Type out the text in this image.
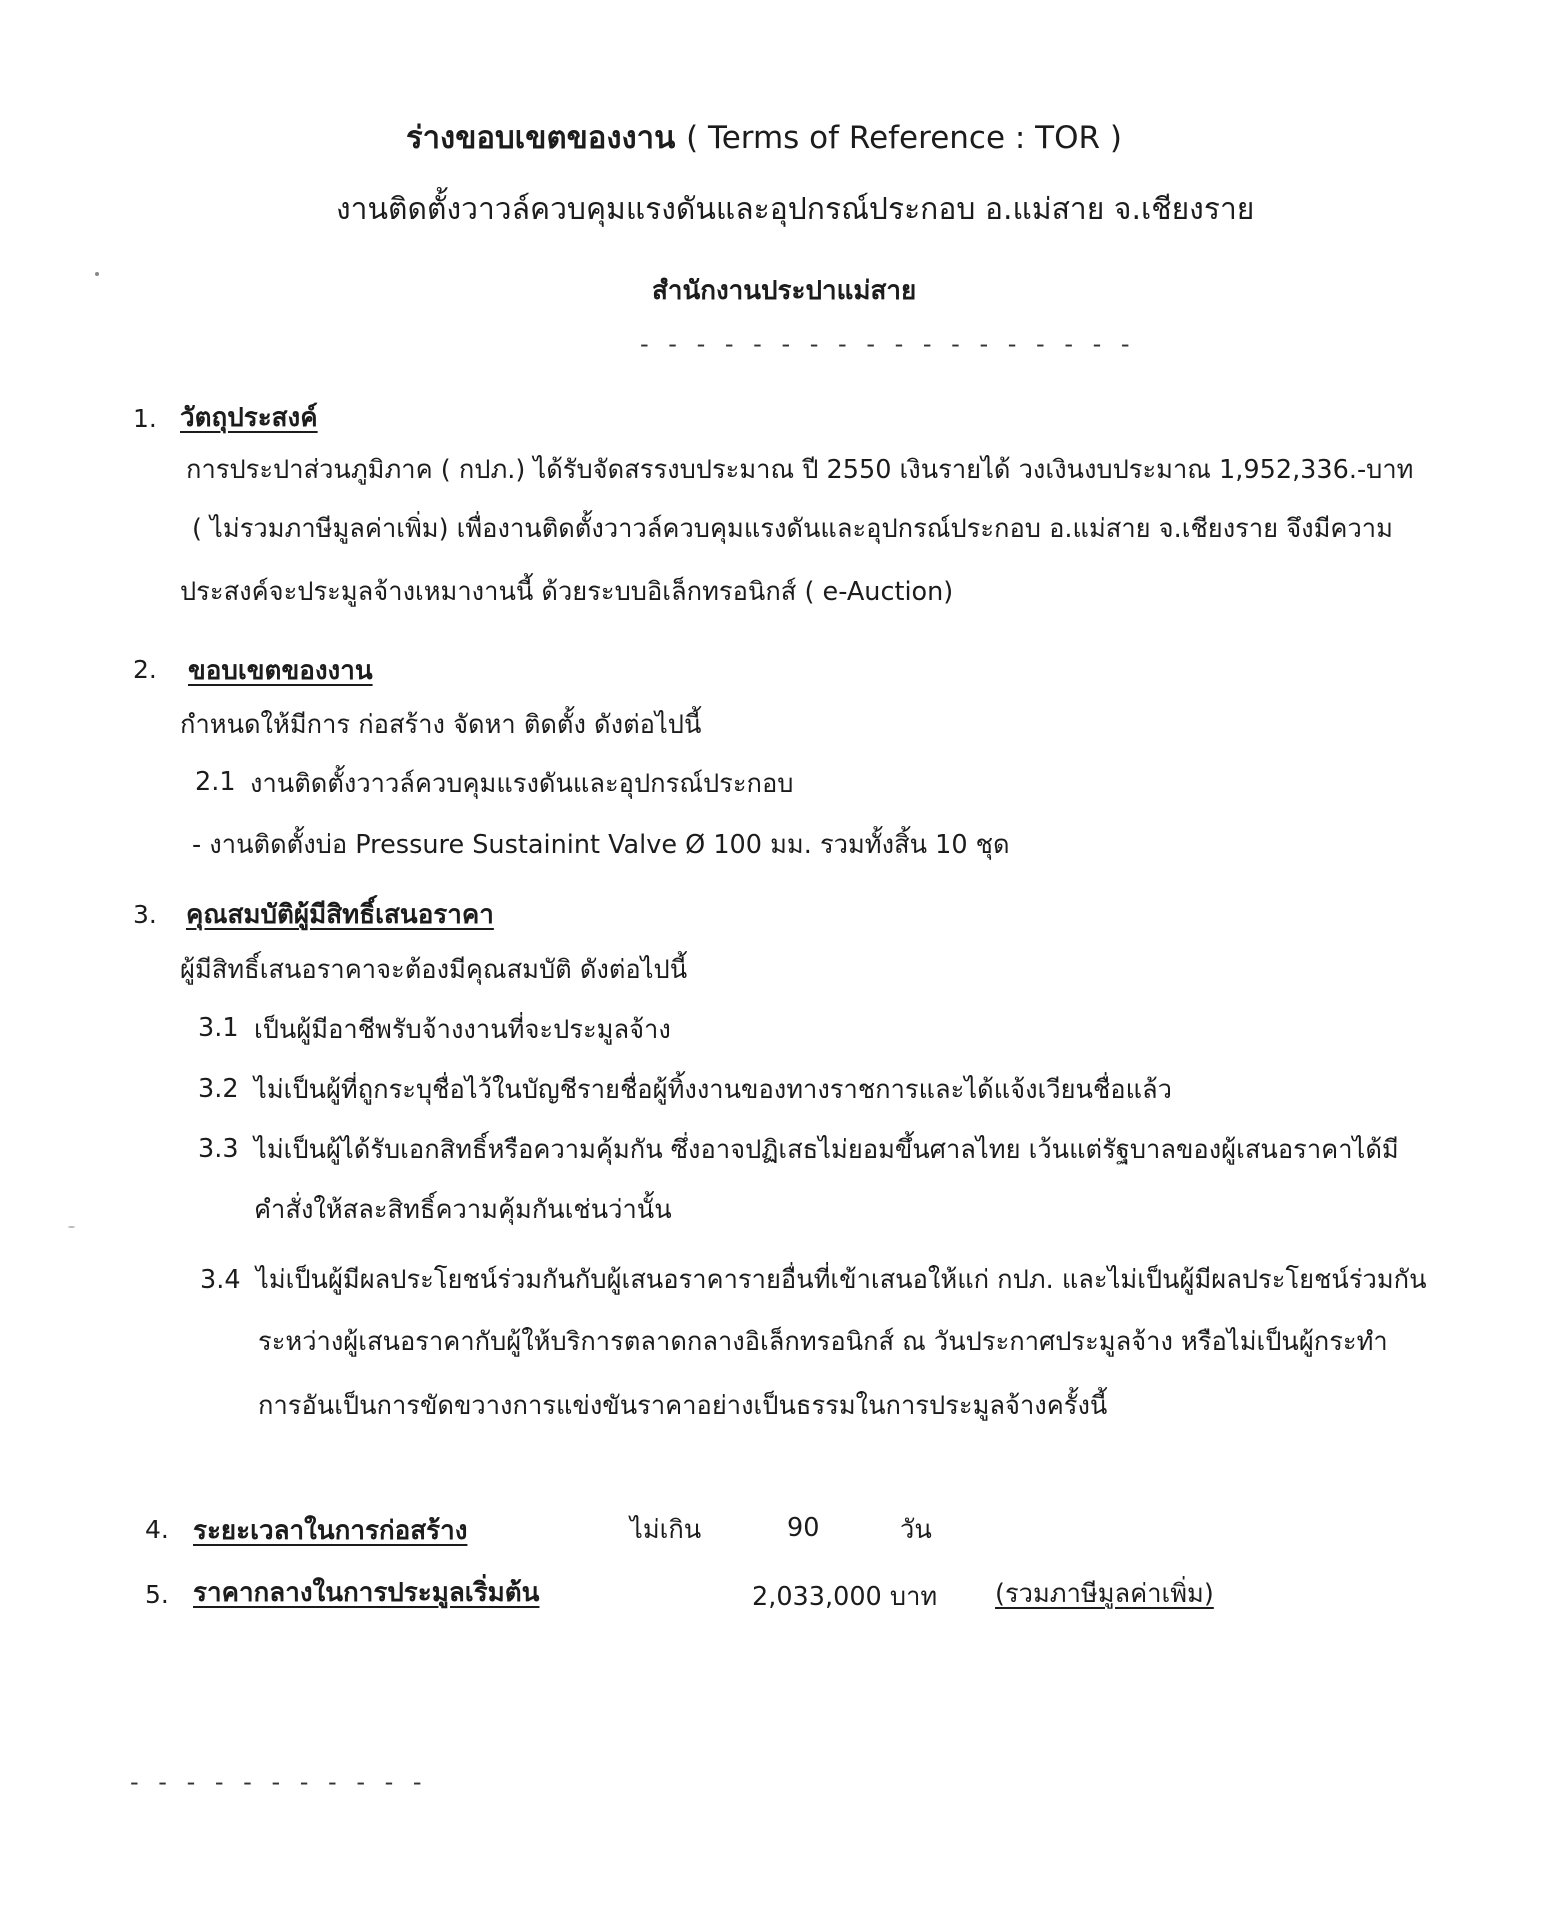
ร่างขอบเขตของงาน ( Terms of Reference : TOR )
งานติดตั้งวาวล์ควบคุมแรงดันและอุปกรณ์ประกอบ อ.แม่สาย จ.เชียงราย
สำนักงานประปาแม่สาย
- - - - - - - - - - - - - - - - - -
1. วัตถุประสงค์
การประปาส่วนภูมิภาค ( กปภ.) ได้รับจัดสรรงบประมาณ ปี 2550 เงินรายได้ วงเงินงบประมาณ 1,952,336.-บาท
( ไม่รวมภาษีมูลค่าเพิ่ม) เพื่องานติดตั้งวาวล์ควบคุมแรงดันและอุปกรณ์ประกอบ อ.แม่สาย จ.เชียงราย จึงมีความ
ประสงค์จะประมูลจ้างเหมางานนี้ ด้วยระบบอิเล็กทรอนิกส์ ( e-Auction)
2. ขอบเขตของงาน
กำหนดให้มีการ ก่อสร้าง จัดหา ติดตั้ง ดังต่อไปนี้
2.1 งานติดตั้งวาวล์ควบคุมแรงดันและอุปกรณ์ประกอบ
- งานติดตั้งบ่อ Pressure Sustainint Valve Ø 100 มม. รวมทั้งสิ้น 10 ชุด
3. คุณสมบัติผู้มีสิทธิ์เสนอราคา
ผู้มีสิทธิ์เสนอราคาจะต้องมีคุณสมบัติ ดังต่อไปนี้
3.1 เป็นผู้มีอาชีพรับจ้างงานที่จะประมูลจ้าง
3.2 ไม่เป็นผู้ที่ถูกระบุชื่อไว้ในบัญชีรายชื่อผู้ทิ้งงานของทางราชการและได้แจ้งเวียนชื่อแล้ว
3.3 ไม่เป็นผู้ได้รับเอกสิทธิ์หรือความคุ้มกัน ซึ่งอาจปฏิเสธไม่ยอมขึ้นศาลไทย เว้นแต่รัฐบาลของผู้เสนอราคาได้มี
คำสั่งให้สละสิทธิ์ความคุ้มกันเช่นว่านั้น
3.4 ไม่เป็นผู้มีผลประโยชน์ร่วมกันกับผู้เสนอราคารายอื่นที่เข้าเสนอให้แก่ กปภ. และไม่เป็นผู้มีผลประโยชน์ร่วมกัน
ระหว่างผู้เสนอราคากับผู้ให้บริการตลาดกลางอิเล็กทรอนิกส์ ณ วันประกาศประมูลจ้าง หรือไม่เป็นผู้กระทำ
การอันเป็นการขัดขวางการแข่งขันราคาอย่างเป็นธรรมในการประมูลจ้างครั้งนี้
4. ระยะเวลาในการก่อสร้าง	ไม่เกิน	90	วัน
5. ราคากลางในการประมูลเริ่มต้น	2,033,000 บาท (รวมภาษีมูลค่าเพิ่ม)
- - - - - - - - - - -
